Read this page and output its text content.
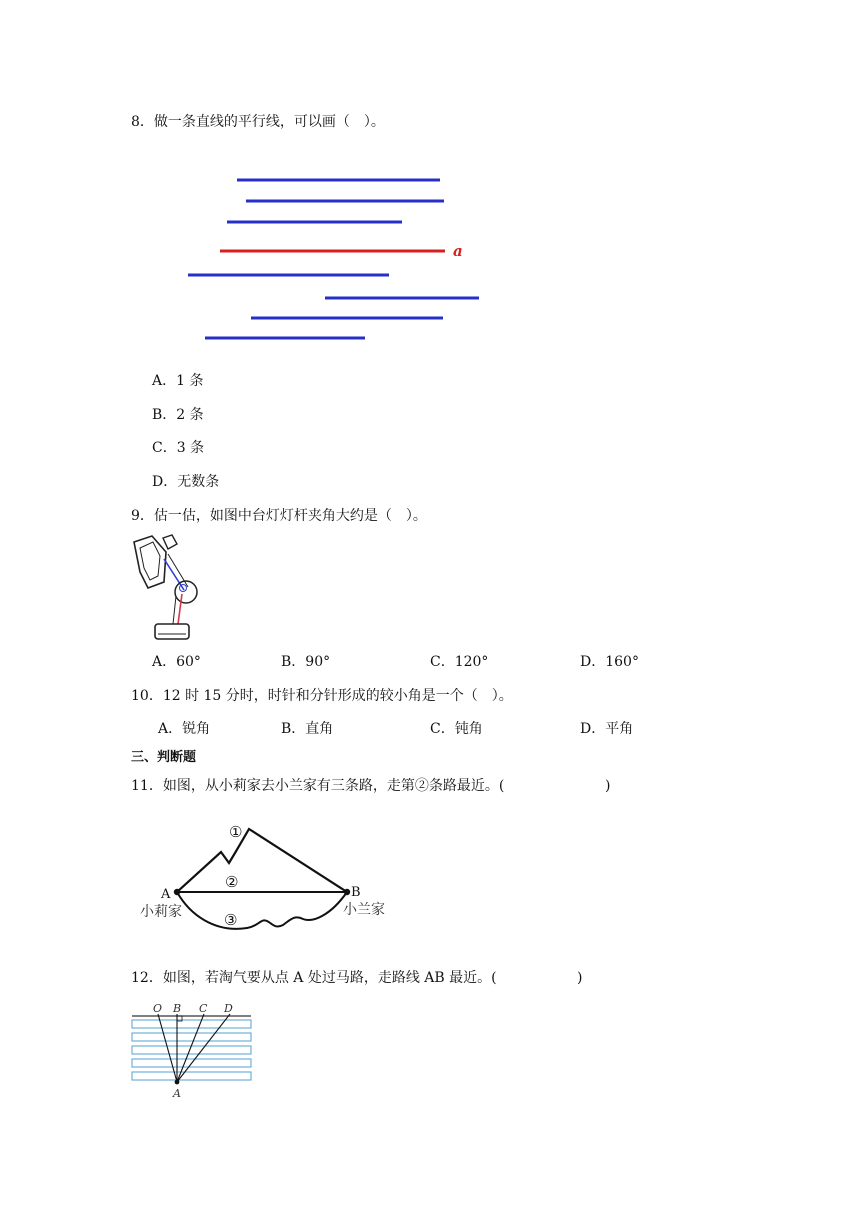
8．做一条直线的平行线，可以画（　）。
a
A．1 条
B．2 条
C．3 条
D．无数条
9．估一估，如图中台灯灯杆夹角大约是（　）。
A．60°	B．90°	C．120°	D．160°
10．12 时 15 分时，时针和分针形成的较小角是一个（　）。
A．锐角	B．直角	C．钝角	D．平角
三、判断题
11．如图，从小莉家去小兰家有三条路，走第②条路最近。(	)
①
②
③
A	B
小莉家	小兰家
12．如图，若淘气要从点 A 处过马路，走路线 AB 最近。(	)
O B C D
A
